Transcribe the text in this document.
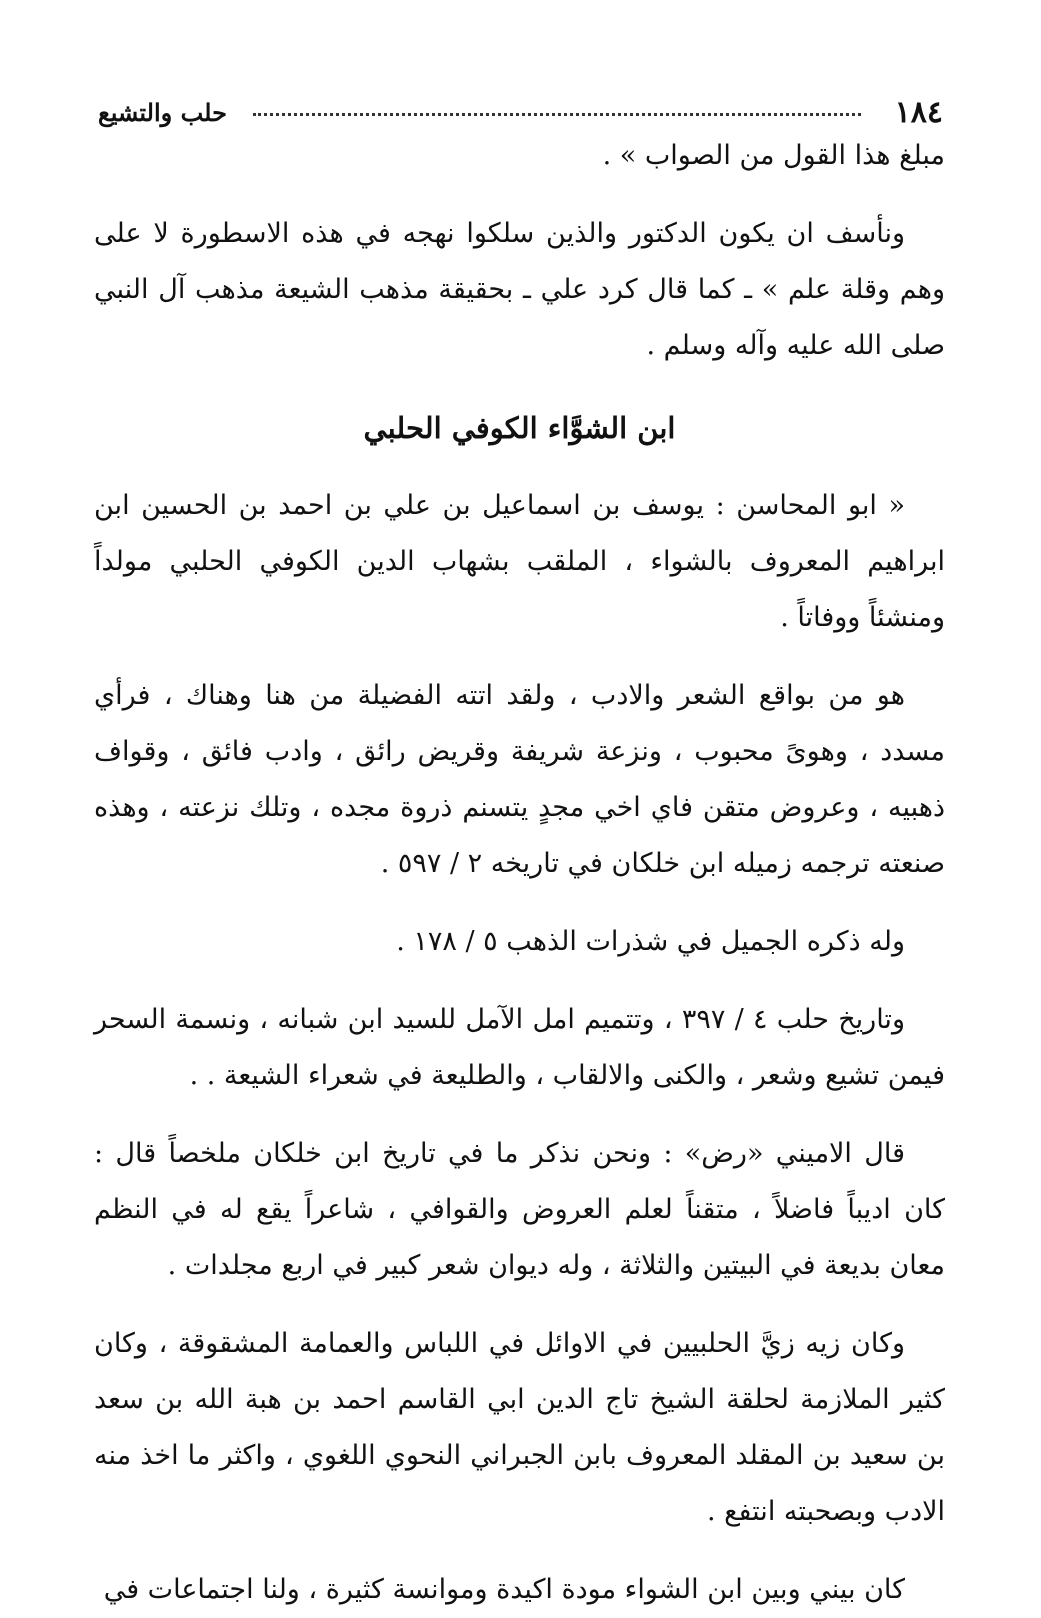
١٨٤
حلب والتشيع

مبلغ هذا القول من الصواب » .

ونأسف ان يكون الدكتور والذين سلكوا نهجه في هذه الاسطورة لا على وهم وقلة علم » ـ كما قال كرد علي ـ بحقيقة مذهب الشيعة مذهب آل النبي صلى الله عليه وآله وسلم .

ابن الشوَّاء الكوفي الحلبي

« ابو المحاسن : يوسف بن اسماعيل بن علي بن احمد بن الحسين ابن ابراهيم المعروف بالشواء ، الملقب بشهاب الدين الكوفي الحلبي مولداً ومنشئاً ووفاتاً .

هو من بواقع الشعر والادب ، ولقد اتته الفضيلة من هنا وهناك ، فرأي مسدد ، وهوىً محبوب ، ونزعة شريفة وقريض رائق ، وادب فائق ، وقواف ذهبيه ، وعروض متقن فاي اخي مجدٍ يتسنم ذروة مجده ، وتلك نزعته ، وهذه صنعته ترجمه زميله ابن خلكان في تاريخه ٢ / ٥٩٧ .

وله ذكره الجميل في شذرات الذهب ٥ / ١٧٨ .

وتاريخ حلب ٤ / ٣٩٧ ، وتتميم امل الآمل للسيد ابن شبانه ، ونسمة السحر فيمن تشيع وشعر ، والكنى والالقاب ، والطليعة في شعراء الشيعة . .

قال الاميني «رض» : ونحن نذكر ما في تاريخ ابن خلكان ملخصاً قال : كان اديباً فاضلاً ، متقناً لعلم العروض والقوافي ، شاعراً يقع له في النظم معان بديعة في البيتين والثلاثة ، وله ديوان شعر كبير في اربع مجلدات .

وكان زيه زيَّ الحلبيين في الاوائل في اللباس والعمامة المشقوقة ، وكان كثير الملازمة لحلقة الشيخ تاج الدين ابي القاسم احمد بن هبة الله بن سعد بن سعيد بن المقلد المعروف بابن الجبراني النحوي اللغوي ، واكثر ما اخذ منه الادب وبصحبته انتفع .

كان بيني وبين ابن الشواء مودة اكيدة وموانسة كثيرة ، ولنا اجتماعات في
